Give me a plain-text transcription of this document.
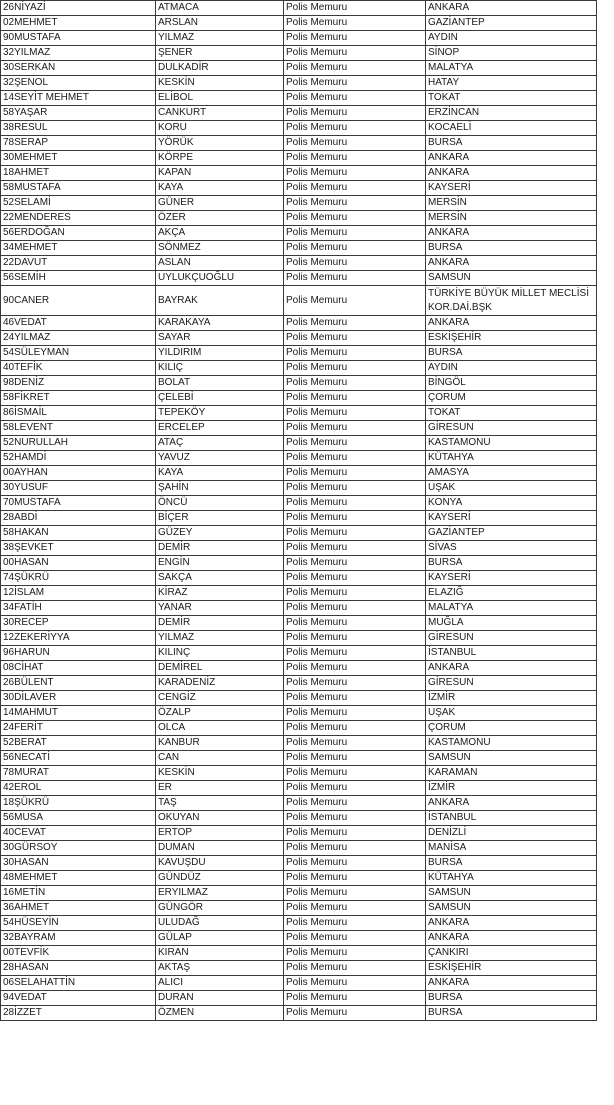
26NİYAZİ	ATMACA	Polis Memuru	ANKARA
02MEHMET	ARSLAN	Polis Memuru	GAZİANTEP
90MUSTAFA	YILMAZ	Polis Memuru	AYDIN
32YILMAZ	ŞENER	Polis Memuru	SİNOP
30SERKAN	DULKADİR	Polis Memuru	MALATYA
32ŞENOL	KESKİN	Polis Memuru	HATAY
14SEYİT MEHMET	ELİBOL	Polis Memuru	TOKAT
58YAŞAR	CANKURT	Polis Memuru	ERZİNCAN
38RESUL	KORU	Polis Memuru	KOCAELİ
78SERAP	YÖRÜK	Polis Memuru	BURSA
30MEHMET	KÖRPE	Polis Memuru	ANKARA
18AHMET	KAPAN	Polis Memuru	ANKARA
58MUSTAFA	KAYA	Polis Memuru	KAYSERİ
52SELAMİ	GÜNER	Polis Memuru	MERSİN
22MENDERES	ÖZER	Polis Memuru	MERSİN
56ERDOĞAN	AKÇA	Polis Memuru	ANKARA
34MEHMET	SÖNMEZ	Polis Memuru	BURSA
22DAVUT	ASLAN	Polis Memuru	ANKARA
56SEMİH	UYLUKÇUOĞLU	Polis Memuru	SAMSUN
90CANER	BAYRAK	Polis Memuru	TÜRKİYE BÜYÜK MİLLET MECLİSİ KOR.DAİ.BŞK
46VEDAT	KARAKAYA	Polis Memuru	ANKARA
24YILMAZ	SAYAR	Polis Memuru	ESKİŞEHİR
54SÜLEYMAN	YILDIRIM	Polis Memuru	BURSA
40TEFİK	KILIÇ	Polis Memuru	AYDIN
98DENİZ	BOLAT	Polis Memuru	BİNGÖL
58FİKRET	ÇELEBİ	Polis Memuru	ÇORUM
86İSMAİL	TEPEKÖY	Polis Memuru	TOKAT
58LEVENT	ERCELEP	Polis Memuru	GİRESUN
52NURULLAH	ATAÇ	Polis Memuru	KASTAMONU
52HAMDİ	YAVUZ	Polis Memuru	KÜTAHYA
00AYHAN	KAYA	Polis Memuru	AMASYA
30YUSUF	ŞAHİN	Polis Memuru	UŞAK
70MUSTAFA	ÖNCÜ	Polis Memuru	KONYA
28ABDİ	BİÇER	Polis Memuru	KAYSERİ
58HAKAN	GÜZEY	Polis Memuru	GAZİANTEP
38ŞEVKET	DEMİR	Polis Memuru	SİVAS
00HASAN	ENGİN	Polis Memuru	BURSA
74ŞÜKRÜ	SAKÇA	Polis Memuru	KAYSERİ
12İSLAM	KİRAZ	Polis Memuru	ELAZIĞ
34FATİH	YANAR	Polis Memuru	MALATYA
30RECEP	DEMİR	Polis Memuru	MUĞLA
12ZEKERİYYA	YILMAZ	Polis Memuru	GİRESUN
96HARUN	KILINÇ	Polis Memuru	İSTANBUL
08CİHAT	DEMİREL	Polis Memuru	ANKARA
26BÜLENT	KARADENİZ	Polis Memuru	GİRESUN
30DİLAVER	CENGİZ	Polis Memuru	İZMİR
14MAHMUT	ÖZALP	Polis Memuru	UŞAK
24FERİT	OLCA	Polis Memuru	ÇORUM
52BERAT	KANBUR	Polis Memuru	KASTAMONU
56NECATİ	CAN	Polis Memuru	SAMSUN
78MURAT	KESKİN	Polis Memuru	KARAMAN
42EROL	ER	Polis Memuru	İZMİR
18ŞÜKRÜ	TAŞ	Polis Memuru	ANKARA
56MUSA	OKUYAN	Polis Memuru	İSTANBUL
40CEVAT	ERTOP	Polis Memuru	DENİZLİ
30GÜRSOY	DUMAN	Polis Memuru	MANİSA
30HASAN	KAVUŞDU	Polis Memuru	BURSA
48MEHMET	GÜNDÜZ	Polis Memuru	KÜTAHYA
16METİN	ERYILMAZ	Polis Memuru	SAMSUN
36AHMET	GÜNGÖR	Polis Memuru	SAMSUN
54HÜSEYİN	ULUDAĞ	Polis Memuru	ANKARA
32BAYRAM	GÜLAP	Polis Memuru	ANKARA
00TEVFİK	KIRAN	Polis Memuru	ÇANKIRI
28HASAN	AKTAŞ	Polis Memuru	ESKİŞEHİR
06SELAHATTİN	ALICI	Polis Memuru	ANKARA
94VEDAT	DURAN	Polis Memuru	BURSA
28İZZET	ÖZMEN	Polis Memuru	BURSA
